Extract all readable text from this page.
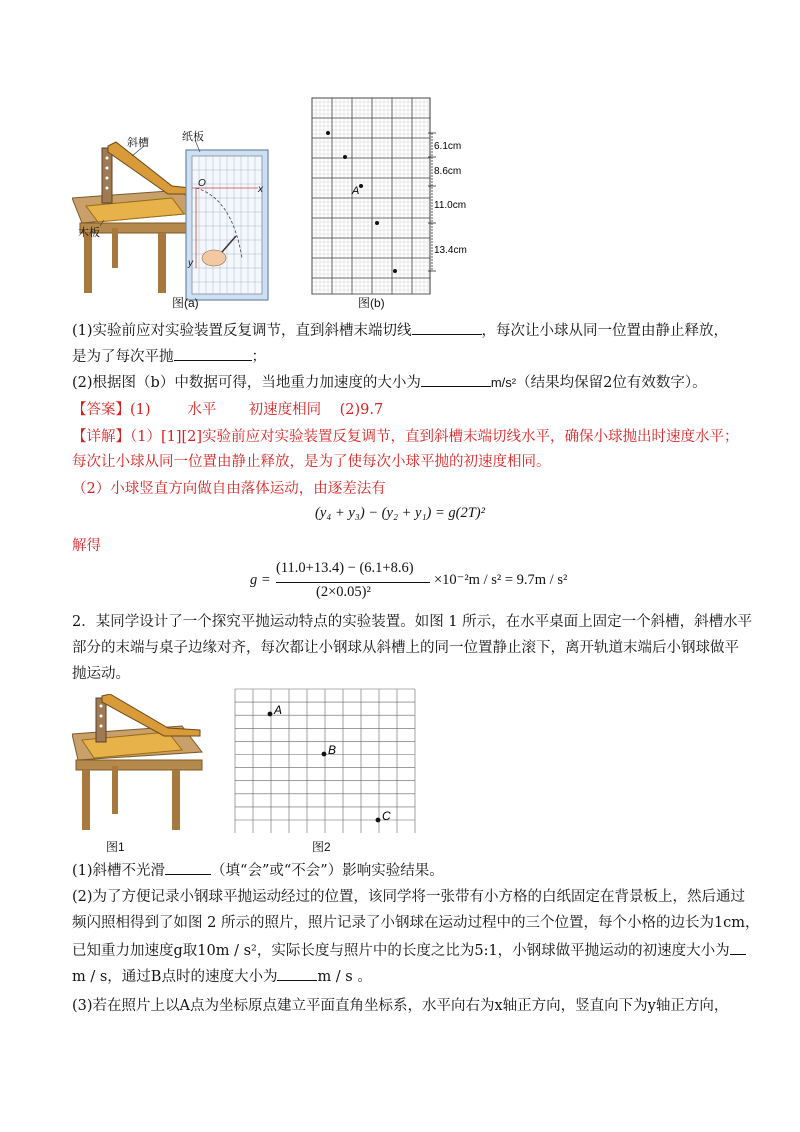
斜槽	纸板
木板
O
x
y
图(a)
A
6.1cm
8.6cm
11.0cm
13.4cm
图(b)
(1)实验前应对实验装置反复调节，直到斜槽末端切线	，每次让小球从同一位置由静止释放，
是为了每次平抛	；
(2)根据图（b）中数据可得，当地重力加速度的大小为	m/s²（结果均保留2位有效数字）。
【答案】(1)        水平       初速度相同    (2)9.7
【详解】（1）[1][2]实验前应对实验装置反复调节，直到斜槽末端切线水平，确保小球抛出时速度水平；
每次让小球从同一位置由静止释放，是为了使每次小球平抛的初速度相同。
（2）小球竖直方向做自由落体运动，由逐差法有
(y₄ + y₃) − (y₂ + y₁) = g(2T)²
解得
g =
(11.0+13.4) − (6.1+8.6)
(2×0.05)²
×10⁻²m / s² = 9.7m / s²
2．某同学设计了一个探究平抛运动特点的实验装置。如图 1 所示，在水平桌面上固定一个斜槽，斜槽水平
部分的末端与桌子边缘对齐，每次都让小钢球从斜槽上的同一位置静止滚下，离开轨道末端后小钢球做平
抛运动。
图1
A
B
C
图2
(1)斜槽不光滑	（填“会”或“不会”）影响实验结果。
(2)为了方便记录小钢球平抛运动经过的位置，该同学将一张带有小方格的白纸固定在背景板上，然后通过
频闪照相得到了如图 2 所示的照片，照片记录了小钢球在运动过程中的三个位置，每个小格的边长为1cm，
已知重力加速度g取10m / s²，实际长度与照片中的长度之比为5:1，小钢球做平抛运动的初速度大小为
m / s，通过B点时的速度大小为	m / s 。
(3)若在照片上以A点为坐标原点建立平面直角坐标系，水平向右为x轴正方向，竖直向下为y轴正方向，
